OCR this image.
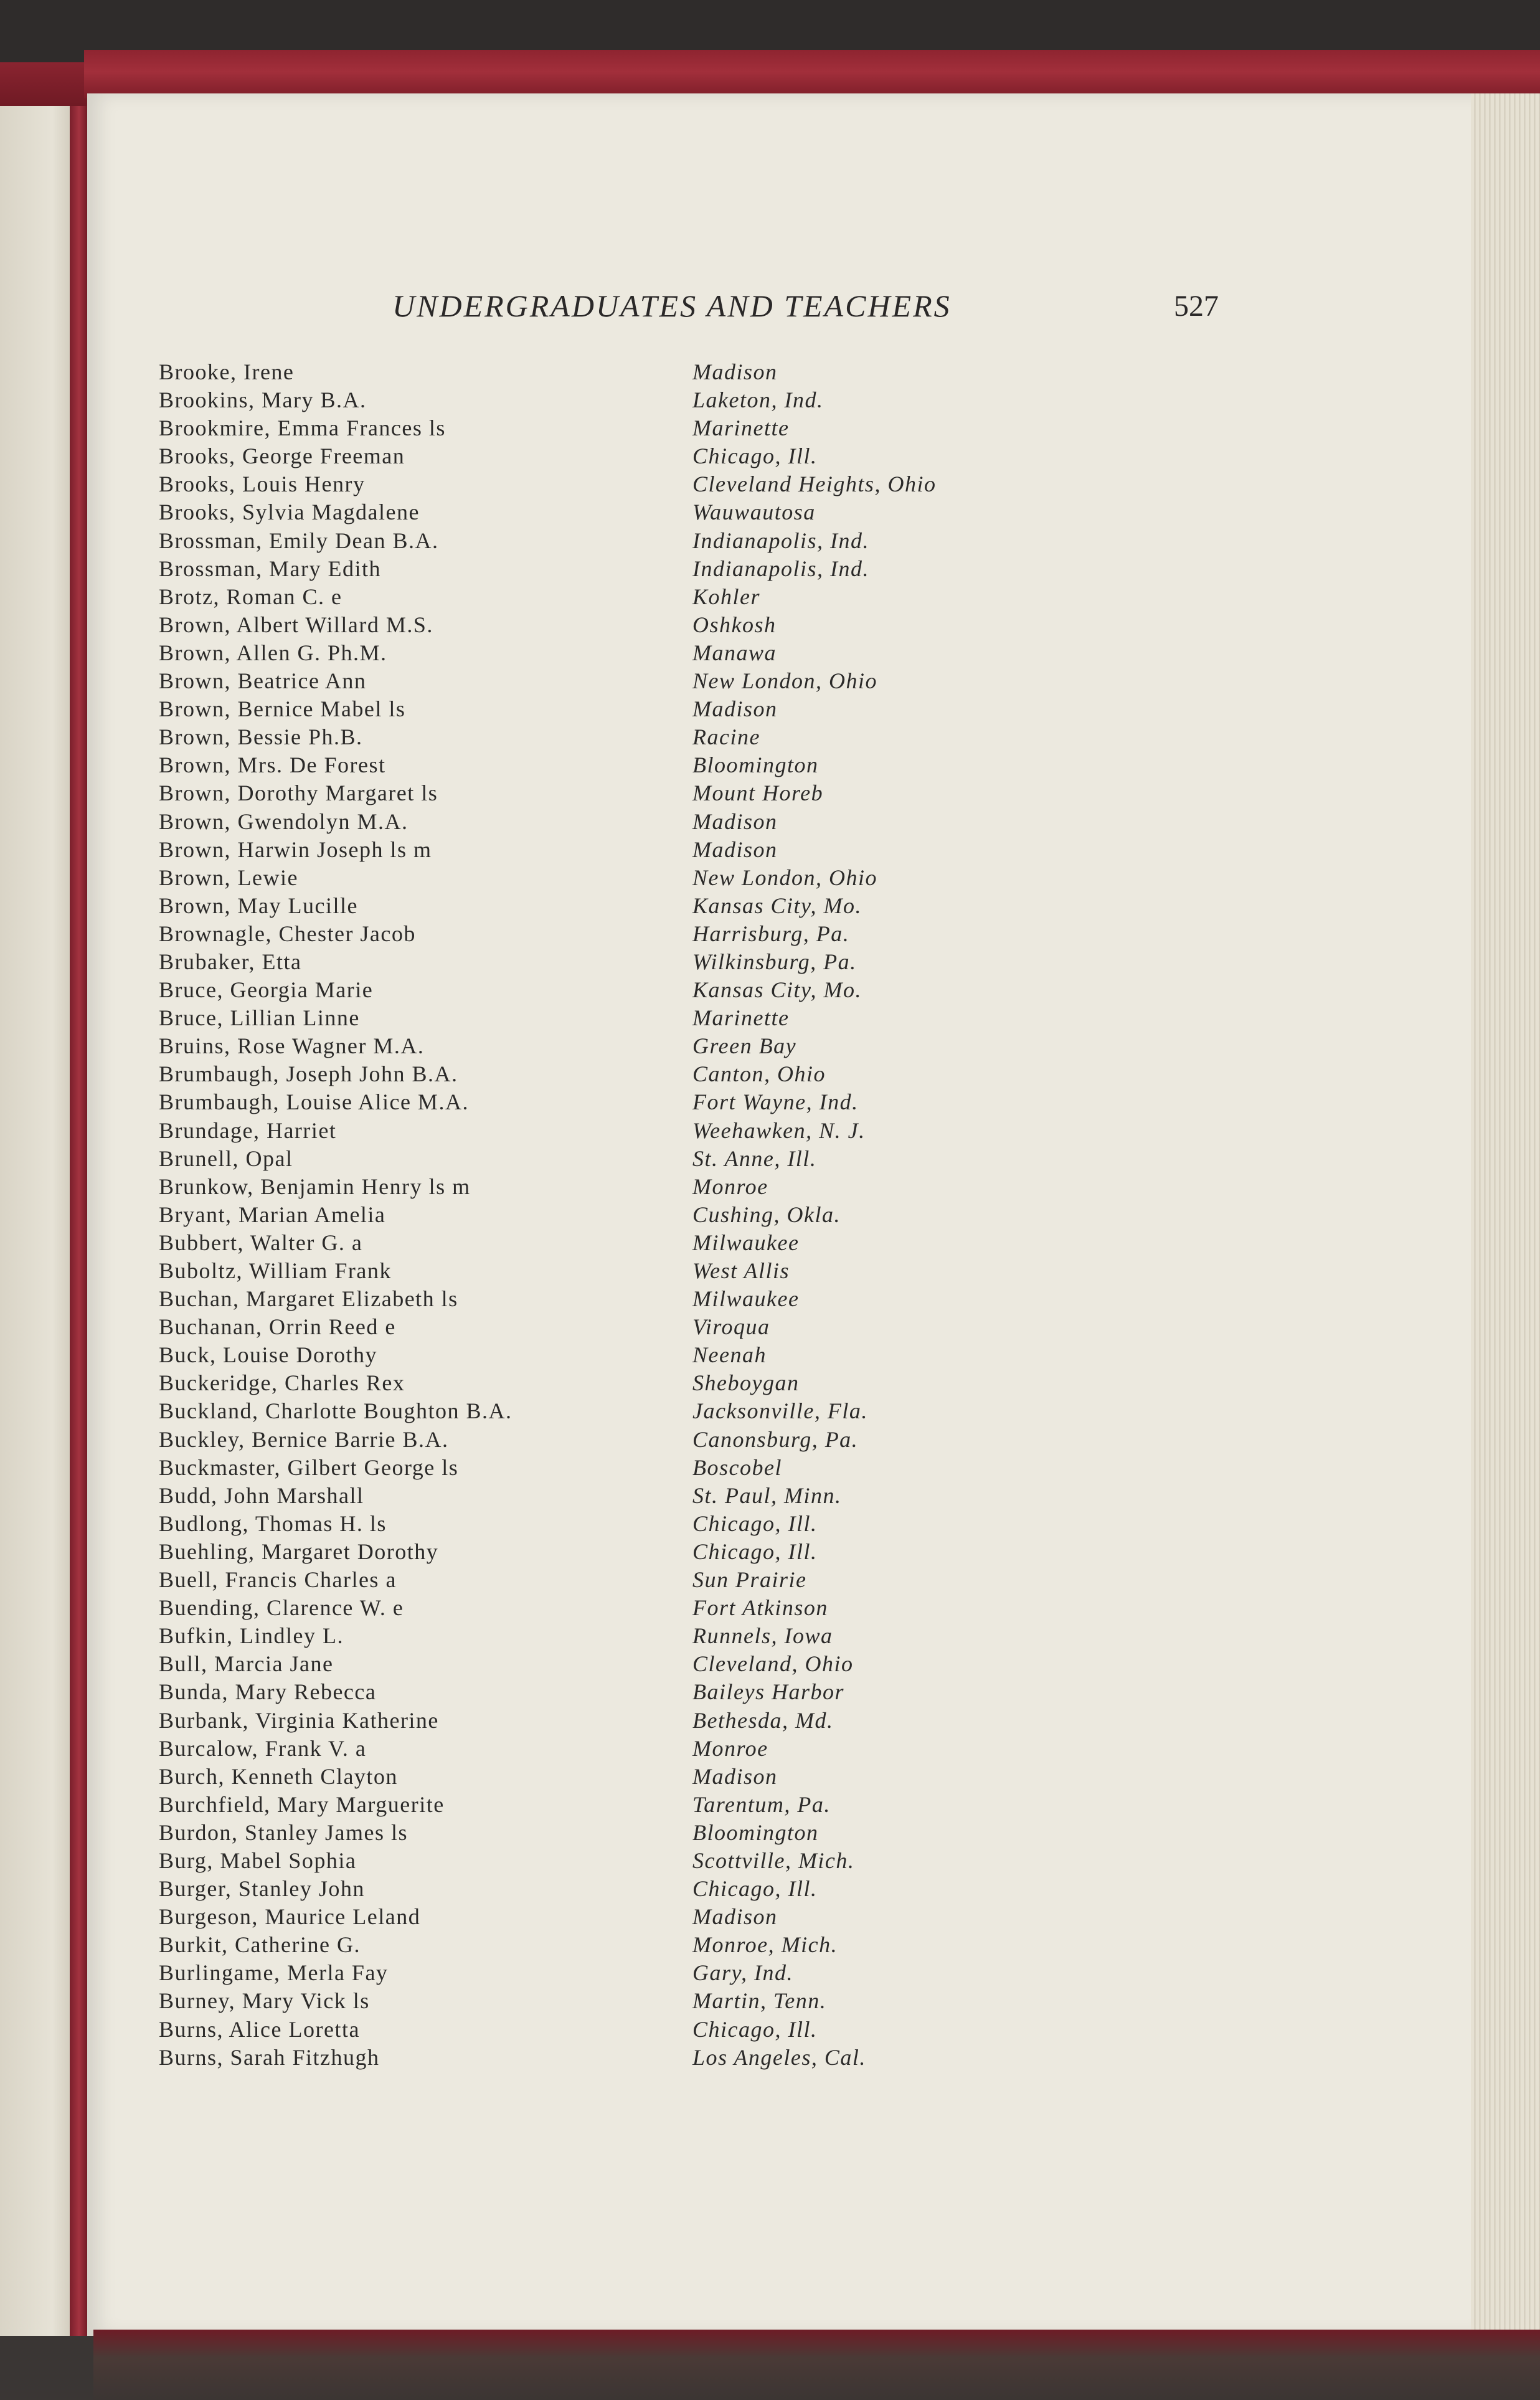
UNDERGRADUATES AND TEACHERS	527
Brooke, Irene	Madison
Brookins, Mary B.A.	Laketon, Ind.
Brookmire, Emma Frances ls	Marinette
Brooks, George Freeman	Chicago, Ill.
Brooks, Louis Henry	Cleveland Heights, Ohio
Brooks, Sylvia Magdalene	Wauwautosa
Brossman, Emily Dean B.A.	Indianapolis, Ind.
Brossman, Mary Edith	Indianapolis, Ind.
Brotz, Roman C. e	Kohler
Brown, Albert Willard M.S.	Oshkosh
Brown, Allen G. Ph.M.	Manawa
Brown, Beatrice Ann	New London, Ohio
Brown, Bernice Mabel ls	Madison
Brown, Bessie Ph.B.	Racine
Brown, Mrs. De Forest	Bloomington
Brown, Dorothy Margaret ls	Mount Horeb
Brown, Gwendolyn M.A.	Madison
Brown, Harwin Joseph ls m	Madison
Brown, Lewie	New London, Ohio
Brown, May Lucille	Kansas City, Mo.
Brownagle, Chester Jacob	Harrisburg, Pa.
Brubaker, Etta	Wilkinsburg, Pa.
Bruce, Georgia Marie	Kansas City, Mo.
Bruce, Lillian Linne	Marinette
Bruins, Rose Wagner M.A.	Green Bay
Brumbaugh, Joseph John B.A.	Canton, Ohio
Brumbaugh, Louise Alice M.A.	Fort Wayne, Ind.
Brundage, Harriet	Weehawken, N. J.
Brunell, Opal	St. Anne, Ill.
Brunkow, Benjamin Henry ls m	Monroe
Bryant, Marian Amelia	Cushing, Okla.
Bubbert, Walter G. a	Milwaukee
Buboltz, William Frank	West Allis
Buchan, Margaret Elizabeth ls	Milwaukee
Buchanan, Orrin Reed e	Viroqua
Buck, Louise Dorothy	Neenah
Buckeridge, Charles Rex	Sheboygan
Buckland, Charlotte Boughton B.A.	Jacksonville, Fla.
Buckley, Bernice Barrie B.A.	Canonsburg, Pa.
Buckmaster, Gilbert George ls	Boscobel
Budd, John Marshall	St. Paul, Minn.
Budlong, Thomas H. ls	Chicago, Ill.
Buehling, Margaret Dorothy	Chicago, Ill.
Buell, Francis Charles a	Sun Prairie
Buending, Clarence W. e	Fort Atkinson
Bufkin, Lindley L.	Runnels, Iowa
Bull, Marcia Jane	Cleveland, Ohio
Bunda, Mary Rebecca	Baileys Harbor
Burbank, Virginia Katherine	Bethesda, Md.
Burcalow, Frank V. a	Monroe
Burch, Kenneth Clayton	Madison
Burchfield, Mary Marguerite	Tarentum, Pa.
Burdon, Stanley James ls	Bloomington
Burg, Mabel Sophia	Scottville, Mich.
Burger, Stanley John	Chicago, Ill.
Burgeson, Maurice Leland	Madison
Burkit, Catherine G.	Monroe, Mich.
Burlingame, Merla Fay	Gary, Ind.
Burney, Mary Vick ls	Martin, Tenn.
Burns, Alice Loretta	Chicago, Ill.
Burns, Sarah Fitzhugh	Los Angeles, Cal.
